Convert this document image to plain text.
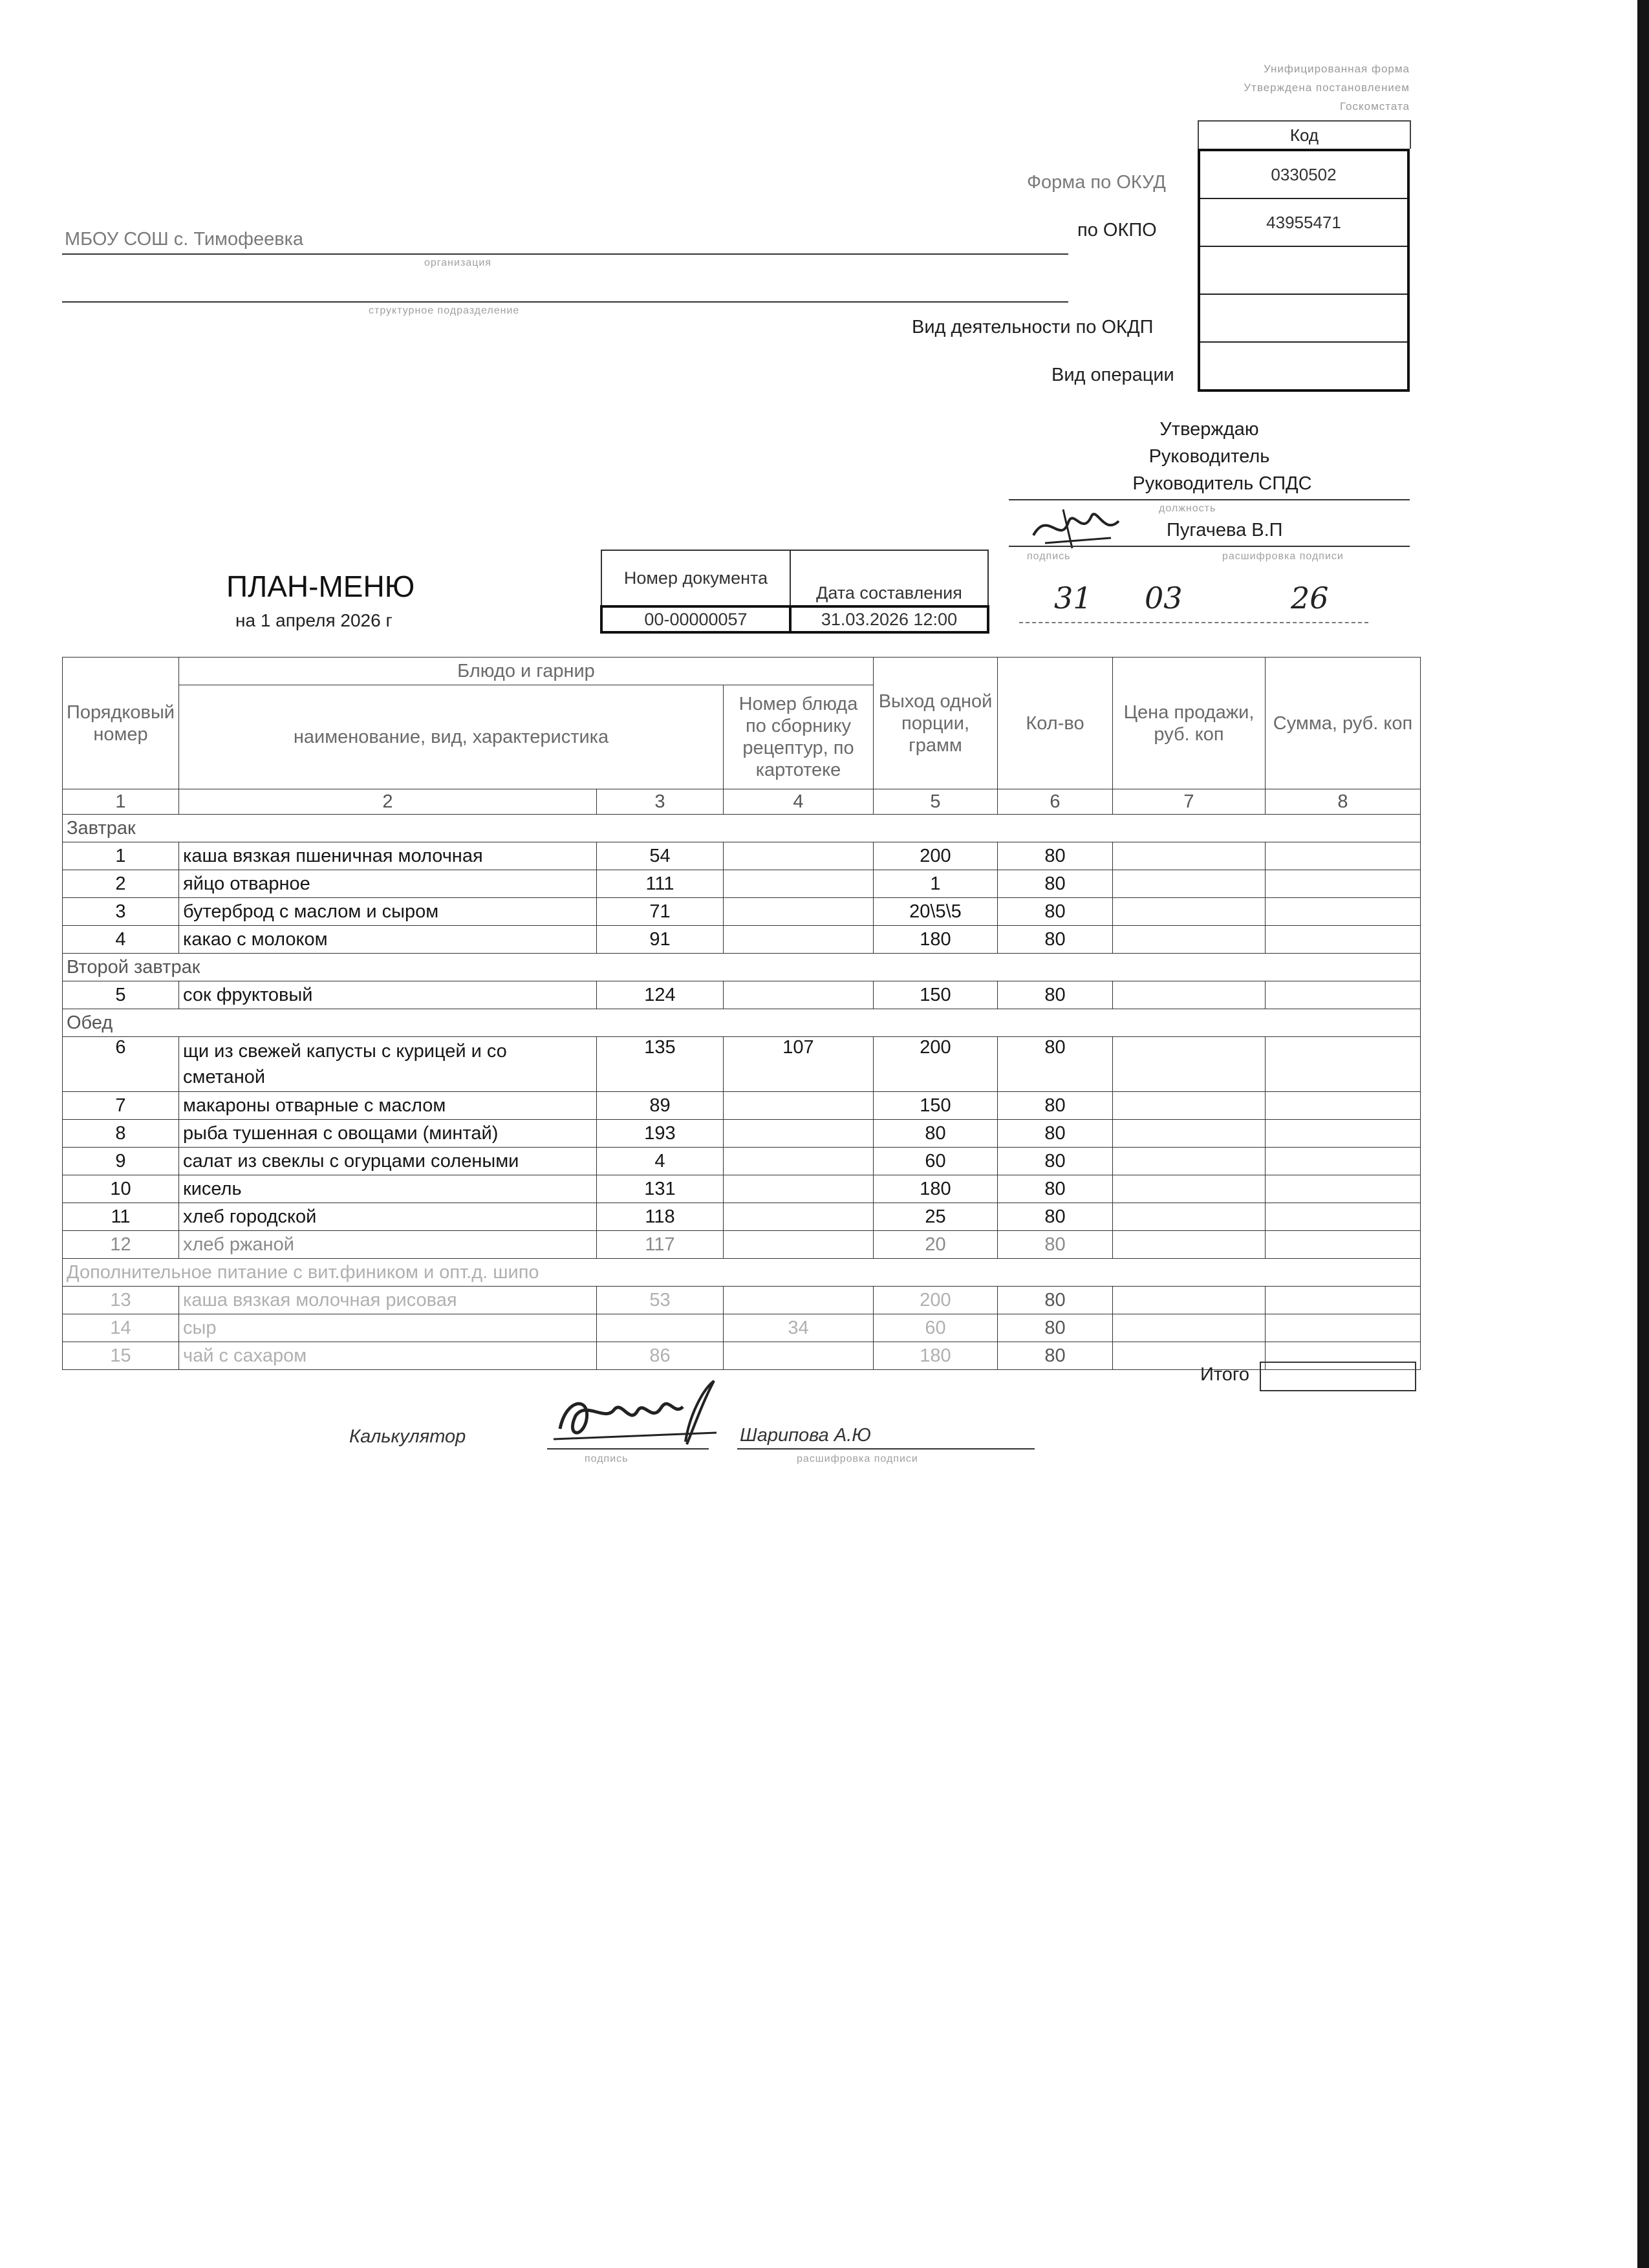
Унифицированная форма
Утверждена постановлением
Госкомстата
Код
0330502
43955471
Форма по ОКУД
по ОКПО
Вид деятельности по ОКДП
Вид операции
МБОУ СОШ с. Тимофеевка
организация
структурное подразделение
Утверждаю
Руководитель
Руководитель СПДС
должность
Пугачева В.П
подпись	расшифровка подписи
31 03	26
ПЛАН-МЕНЮ
на 1 апреля 2026 г
Номер документа	Дата составления
00-00000057	31.03.2026 12:00
Порядковый номер	Блюдо и гарнир			Выход одной порции, грамм	Кол-во	Цена продажи, руб. коп	Сумма, руб. коп
	наименование, вид, характеристика		Номер блюда по сборнику рецептур, по картотеке				
1	2	3	4	5	6	7	8
Завтрак							
1	каша вязкая пшеничная молочная	54		200	80		
2	яйцо отварное	111		1	80		
3	бутерброд с маслом и сыром	71		20\5\5	80		
4	какао с молоком	91		180	80		
Второй завтрак							
5	сок фруктовый	124		150	80		
Обед							
6	щи из свежей капусты с курицей и со сметаной	135	107	200	80		
7	макароны отварные с маслом	89		150	80		
8	рыба тушенная с овощами (минтай)	193		80	80		
9	салат из свеклы с огурцами солеными	4		60	80		
10	кисель	131		180	80		
11	хлеб городской	118		25	80		
12	хлеб ржаной	117		20	80		
Дополнительное питание с вит.фиником и опт.д. шипо							
13	каша вязкая молочная рисовая	53		200	80		
14	сыр		34	60	80		
15	чай с сахаром	86		180	80		
Итого
Калькулятор	Шарипова А.Ю
подпись	расшифровка подписи
